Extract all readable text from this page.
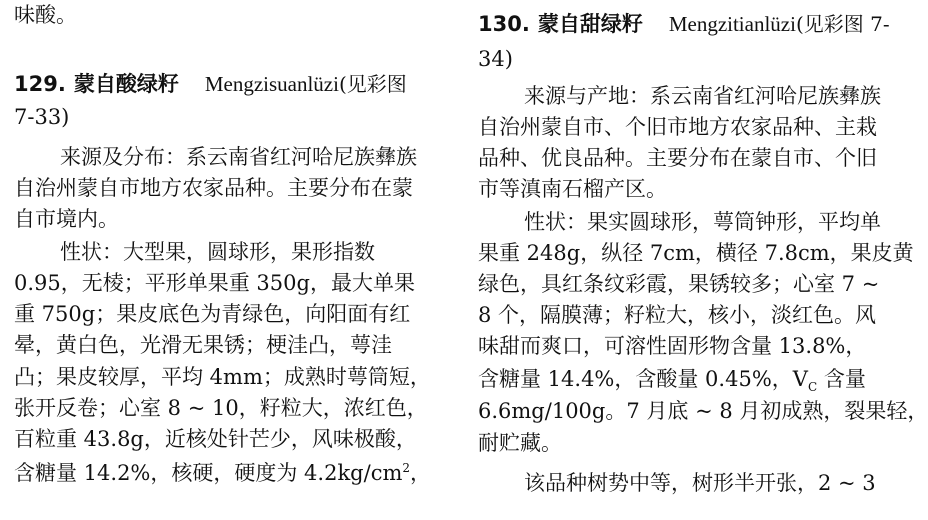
味酸。
129. 蒙自酸绿籽 Mengzisuanlüzi(见彩图
7-33)
来源及分布：系云南省红河哈尼族彝族
自治州蒙自市地方农家品种。主要分布在蒙
自市境内。
性状：大型果，圆球形，果形指数
0.95，无棱；平形单果重 350g，最大单果
重 750g；果皮底色为青绿色，向阳面有红
晕，黄白色，光滑无果锈；梗洼凸，萼洼
凸；果皮较厚，平均 4mm；成熟时萼筒短，
张开反卷；心室 8 ~ 10，籽粒大，浓红色，
百粒重 43.8g，近核处针芒少，风味极酸，
含糖量 14.2%，核硬，硬度为 $4.2kg/cm^2$，
130. 蒙自甜绿籽 Mengzitianlüzi(见彩图 7-
34)
来源与产地：系云南省红河哈尼族彝族
自治州蒙自市、个旧市地方农家品种、主栽
品种、优良品种。主要分布在蒙自市、个旧
市等滇南石榴产区。
性状：果实圆球形，萼筒钟形，平均单
果重 248g，纵径 7cm，横径 7.8cm，果皮黄
绿色，具红条纹彩霞，果锈较多；心室 7 ~
8 个，隔膜薄；籽粒大，核小，淡红色。风
味甜而爽口，可溶性固形物含量 13.8%，
含糖量 14.4%，含酸量 0.45%，$V_C$ 含量
6.6mg/100g。7 月底 ~ 8 月初成熟，裂果轻，
耐贮藏。
该品种树势中等，树形半开张，2 ~ 3
